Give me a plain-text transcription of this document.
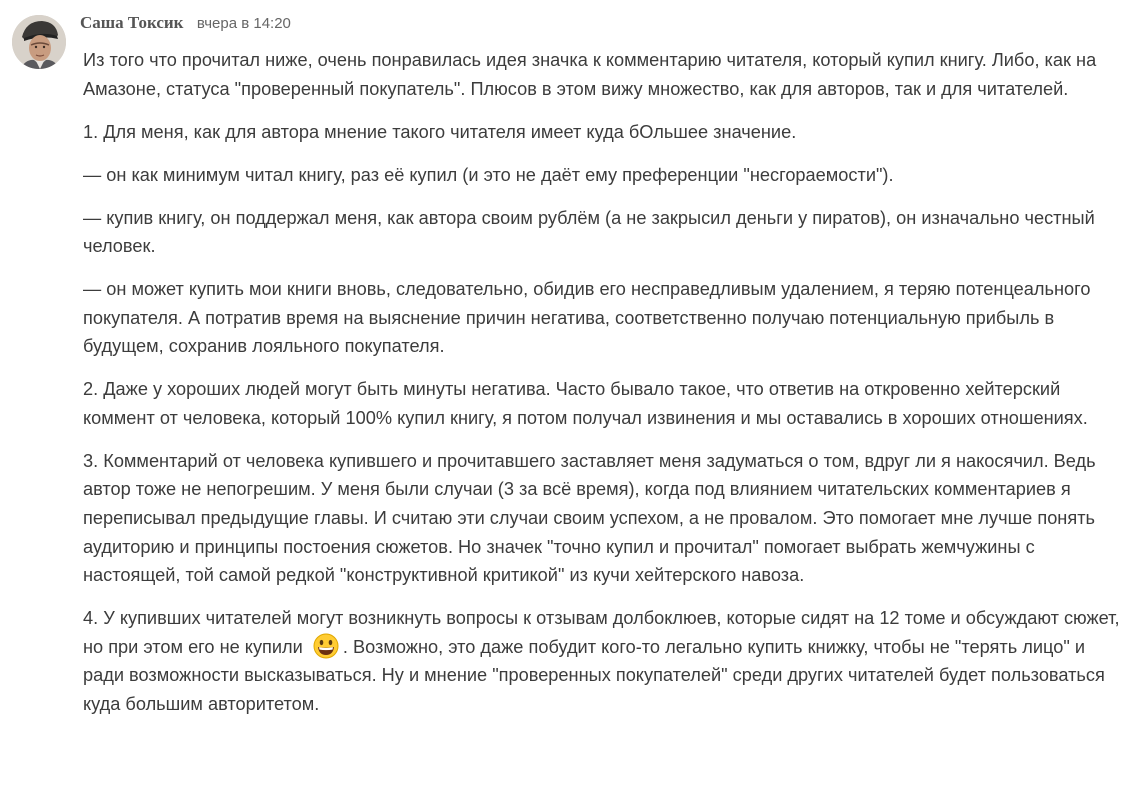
Саша Токсик вчера в 14:20

Из того что прочитал ниже, очень понравилась идея значка к комментарию читателя, который купил книгу. Либо, как на Амазоне, статуса "проверенный покупатель". Плюсов в этом вижу множество, как для авторов, так и для читателей.

1. Для меня, как для автора мнение такого читателя имеет куда бОльшее значение.

— он как минимум читал книгу, раз её купил (и это не даёт ему преференции "несгораемости").

— купив книгу, он поддержал меня, как автора своим рублём (а не закрысил деньги у пиратов), он изначально честный человек.

— он может купить мои книги вновь, следовательно, обидив его несправедливым удалением, я теряю потенцеального покупателя. А потратив время на выяснение причин негатива, соответственно получаю потенциальную прибыль в будущем, сохранив лояльного покупателя.

2. Даже у хороших людей могут быть минуты негатива. Часто бывало такое, что ответив на откровенно хейтерский коммент от человека, который 100% купил книгу, я потом получал извинения и мы оставались в хороших отношениях.

3. Комментарий от человека купившего и прочитавшего заставляет меня задуматься о том, вдруг ли я накосячил. Ведь автор тоже не непогрешим. У меня были случаи (3 за всё время), когда под влиянием читательских комментариев я переписывал предыдущие главы. И считаю эти случаи своим успехом, а не провалом. Это помогает мне лучше понять аудиторию и принципы постоения сюжетов. Но значек "точно купил и прочитал" помогает выбрать жемчужины с настоящей, той самой редкой "конструктивной критикой" из кучи хейтерского навоза.

4. У купивших читателей могут возникнуть вопросы к отзывам долбоклюев, которые сидят на 12 томе и обсуждают сюжет, но при этом его не купили . Возможно, это даже побудит кого-то легально купить книжку, чтобы не "терять лицо" и ради возможности высказываться. Ну и мнение "проверенных покупателей" среди других читателей будет пользоваться куда большим авторитетом.
